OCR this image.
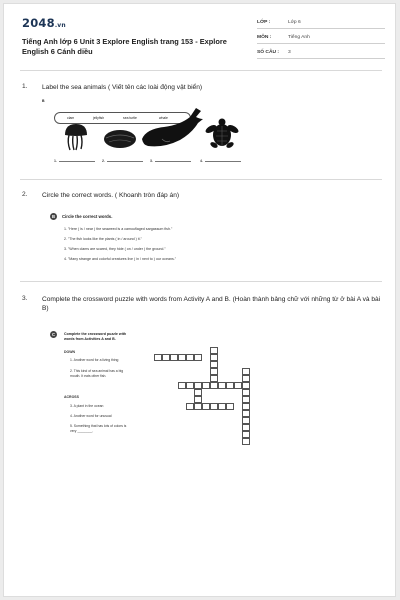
2048.vn
Tiếng Anh lớp 6 Unit 3 Explore English trang 153 - Explore English 6 Cánh diều
LỚP :	Lớp 6
MÔN :	Tiếng Anh
SỐ CÂU : 3
1. Label the sea animals ( Viết tên các loài động vật biển)
B
clam	jellyfish	sea turtle	whale
1.	2.	3.	4.
2. Circle the correct words. ( Khoanh tròn đáp án)
B	Circle the correct words.
1. "Here ( is / near ) the seaweed is a camouflaged sargassum fish."
2. "The fish looks like the plants ( in / around ) it."
3. "When clams are scared, they hide ( on / under ) the ground."
4. "Many strange and colorful creatures live ( in / next to ) our oceans."
3. Complete the crossword puzzle with words from Activity A and B. (Hoàn thành bảng chữ với những từ ở bài A và bài B)
C	Complete the crossword puzzle with words from Activities A and B.
DOWN
1. Another word for a living thing
2. This kind of sea animal has a big mouth. It eats other fish.
ACROSS
3. A plant in the ocean
4. Another word for unusual
5. Something that has lots of colors is very ________.
